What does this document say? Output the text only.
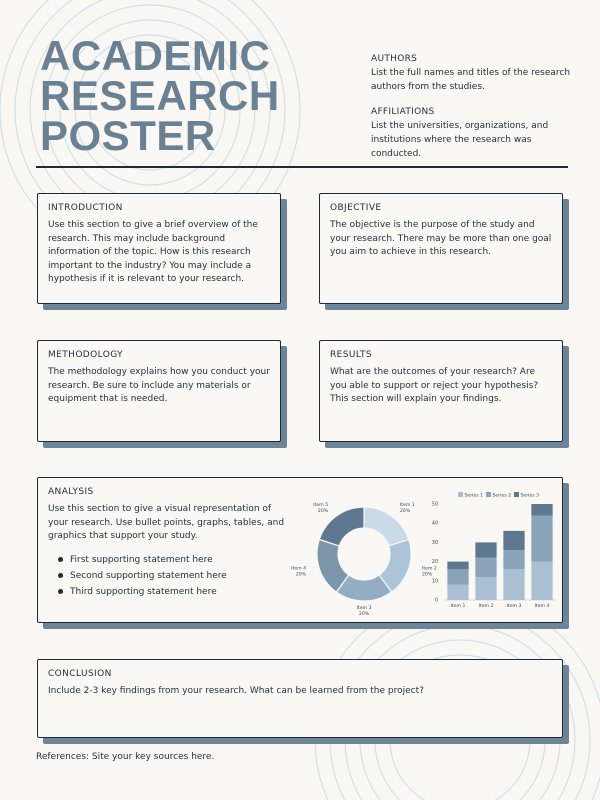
ACADEMIC
RESEARCH
POSTER
AUTHORS
List the full names and titles of the research authors from the studies.
AFFILIATIONS
List the universities, organizations, and institutions where the research was conducted.
INTRODUCTION

Use this section to give a brief overview of the research. This may include background information of the topic. How is this research important to the industry? You may include a hypothesis if it is relevant to your research.

OBJECTIVE

The objective is the purpose of the study and your research. There may be more than one goal you aim to achieve in this research.

METHODOLOGY

The methodology explains how you conduct your research. Be sure to include any materials or equipment that is needed.

RESULTS

What are the outcomes of your research? Are you able to support or reject your hypothesis? This section will explain your findings.

ANALYSIS

Use this section to give a visual representation of your research. Use bullet points, graphs, tables, and graphics that support your study.

First supporting statement here
Second supporting statement here
Third supporting statement here
Item 1
20%
Item 2
20%
Item 3
20%
Item 4
20%
Item 5
20%
0
10
20
30
40
50
Item 1	Item 2	Item 3	Item 4
Series 1 Series 2 Series 3
CONCLUSION

Include 2-3 key findings from your research. What can be learned from the project?

References: Site your key sources here.
